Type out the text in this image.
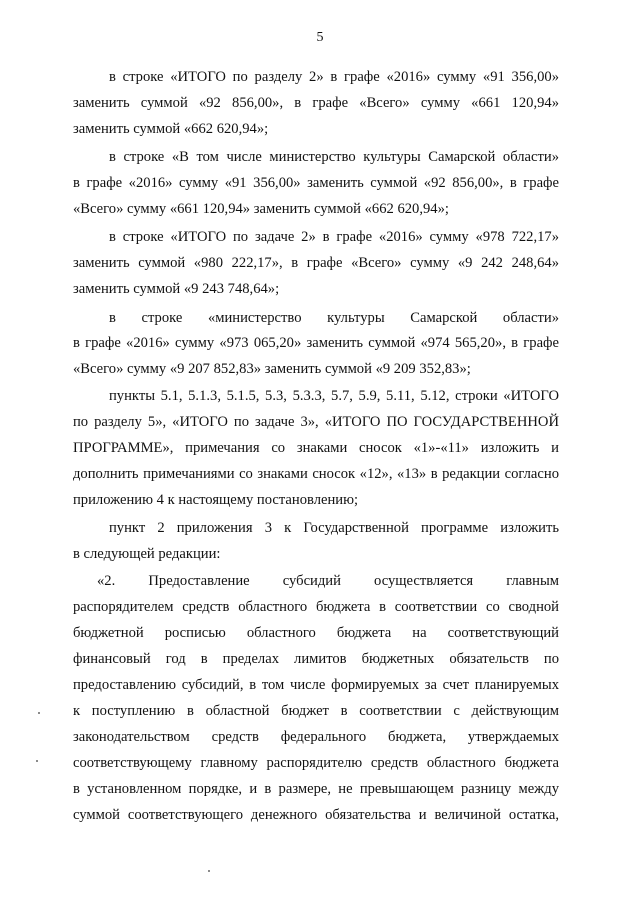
5
в строке «ИТОГО по разделу 2» в графе «2016» сумму «91 356,00»
заменить суммой «92 856,00», в графе «Всего» сумму «661 120,94»
заменить суммой «662 620,94»;
в строке «В том числе министерство культуры Самарской области»
в графе «2016» сумму «91 356,00» заменить суммой «92 856,00», в графе
«Всего» сумму «661 120,94» заменить суммой «662 620,94»;
в строке «ИТОГО по задаче 2» в графе «2016» сумму «978 722,17»
заменить суммой «980 222,17», в графе «Всего» сумму «9 242 248,64»
заменить суммой «9 243 748,64»;
в строке «министерство культуры Самарской области»
в графе «2016» сумму «973 065,20» заменить суммой «974 565,20», в графе
«Всего» сумму «9 207 852,83» заменить суммой «9 209 352,83»;
пункты 5.1, 5.1.3, 5.1.5, 5.3, 5.3.3, 5.7, 5.9, 5.11, 5.12, строки «ИТОГО
по разделу 5», «ИТОГО по задаче 3», «ИТОГО ПО ГОСУДАРСТВЕННОЙ
ПРОГРАММЕ», примечания со знаками сносок «1»-«11» изложить и
дополнить примечаниями со знаками сносок «12», «13» в редакции согласно
приложению 4 к настоящему постановлению;
пункт 2 приложения 3 к Государственной программе изложить
в следующей редакции:
«2. Предоставление субсидий осуществляется главным
распорядителем средств областного бюджета в соответствии со сводной
бюджетной росписью областного бюджета на соответствующий
финансовый год в пределах лимитов бюджетных обязательств по
предоставлению субсидий, в том числе формируемых за счет планируемых
к поступлению в областной бюджет в соответствии с действующим
законодательством средств федерального бюджета, утверждаемых
соответствующему главному распорядителю средств областного бюджета
в установленном порядке, и в размере, не превышающем разницу между
суммой соответствующего денежного обязательства и величиной остатка,
